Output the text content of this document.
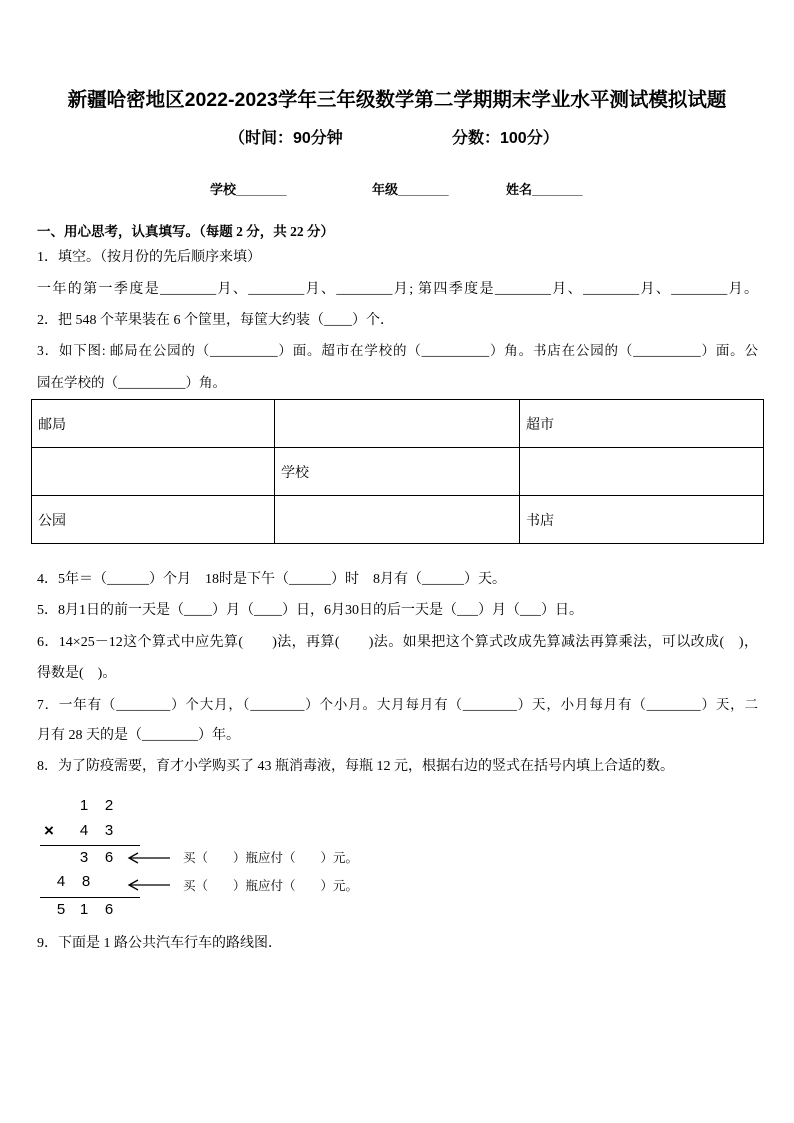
新疆哈密地区2022-2023学年三年级数学第二学期期末学业水平测试模拟试题
（时间：90分钟	分数：100分）
学校_______	年级_______	姓名_______
一、用心思考，认真填写。（每题 2 分，共 22 分）
1．填空。（按月份的先后顺序来填）
一年的第一季度是________月、________月、________月; 第四季度是________月、________月、________月。
2．把 548 个苹果装在 6 个筐里，每筐大约装（____）个．
3．如下图: 邮局在公园的（__________）面。超市在学校的（__________）角。书店在公园的（__________）面。公
园在学校的（__________）角。
邮局		超市
	学校	
公园		书店
4．5年＝（______）个月　18时是下午（______）时　8月有（______）天。
5．8月1日的前一天是（____）月（____）日，6月30日的后一天是（___）月（___）日。
6．14×25－12这个算式中应先算(　　)法，再算(　　)法。如果把这个算式改成先算减法再算乘法，可以改成(　)，
得数是(　)。
7．一年有（________）个大月，（________）个小月。大月每月有（________）天，小月每月有（________）天，二
月有 28 天的是（________）年。
8．为了防疫需要，育才小学购买了 43 瓶消毒液，每瓶 12 元，根据右边的竖式在括号内填上合适的数。
1 2
× 4 3
3 6	买（　　）瓶应付（　　）元。
4 8	买（　　）瓶应付（　　）元。
5 1 6
9．下面是 1 路公共汽车行车的路线图．
